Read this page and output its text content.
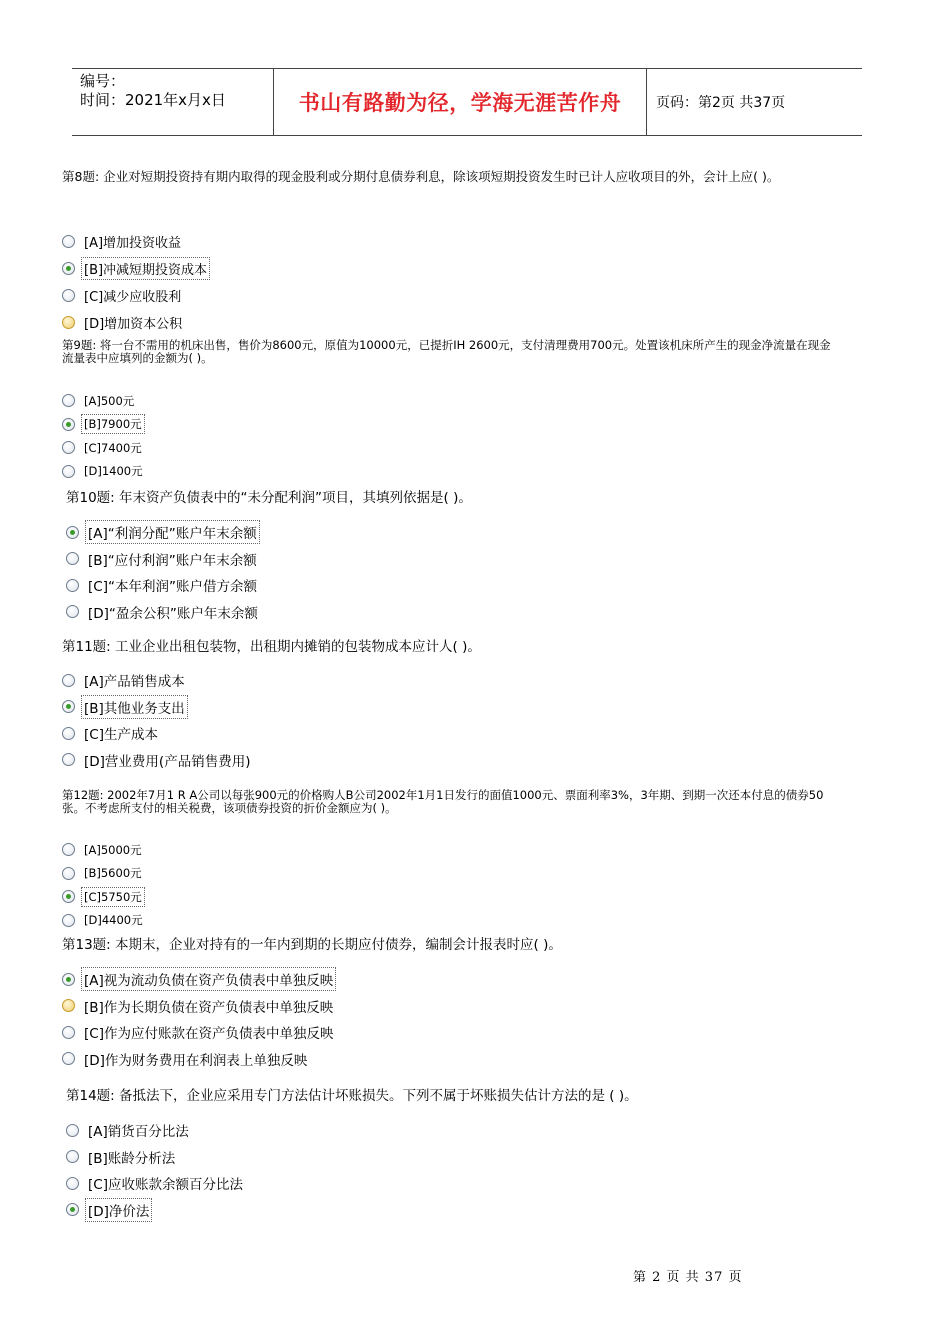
编号：
时间：2021年x月x日	书山有路勤为径，学海无涯苦作舟	页码：第2页 共37页
第8题: 企业对短期投资持有期内取得的现金股利或分期付息债券利息，除该项短期投资发生时已计人应收项目的外，会计上应( )。
[A]增加投资收益
[B]冲减短期投资成本
[C]减少应收股利
[D]增加资本公积
第9题: 将一台不需用的机床出售，售价为8600元，原值为10000元，已提折IH 2600元，支付清理费用700元。处置该机床所产生的现金净流量在现金流量表中应填列的金额为( )。
[A]500元
[B]7900元
[C]7400元
[D]1400元
第10题: 年末资产负债表中的“未分配利润”项目，其填列依据是( )。
[A]“利润分配”账户年末余额
[B]“应付利润”账户年末余额
[C]“本年利润”账户借方余额
[D]“盈余公积”账户年末余额
第11题: 工业企业出租包装物，出租期内摊销的包装物成本应计人( )。
[A]产品销售成本
[B]其他业务支出
[C]生产成本
[D]营业费用(产品销售费用)
第12题: 2002年7月1 R A公司以每张900元的价格购人B公司2002年1月1日发行的面值1000元、票面利率3%，3年期、到期一次还本付息的债券50张。不考虑所支付的相关税费，该项债券投资的折价金额应为( )。
[A]5000元
[B]5600元
[C]5750元
[D]4400元
第13题: 本期末，企业对持有的一年内到期的长期应付债券，编制会计报表时应( )。
[A]视为流动负债在资产负债表中单独反映
[B]作为长期负债在资产负债表中单独反映
[C]作为应付账款在资产负债表中单独反映
[D]作为财务费用在利润表上单独反映
第14题: 备抵法下，企业应采用专门方法估计坏账损失。下列不属于坏账损失估计方法的是 ( )。
[A]销货百分比法
[B]账龄分析法
[C]应收账款余额百分比法
[D]净价法
第 2 页 共 37 页
